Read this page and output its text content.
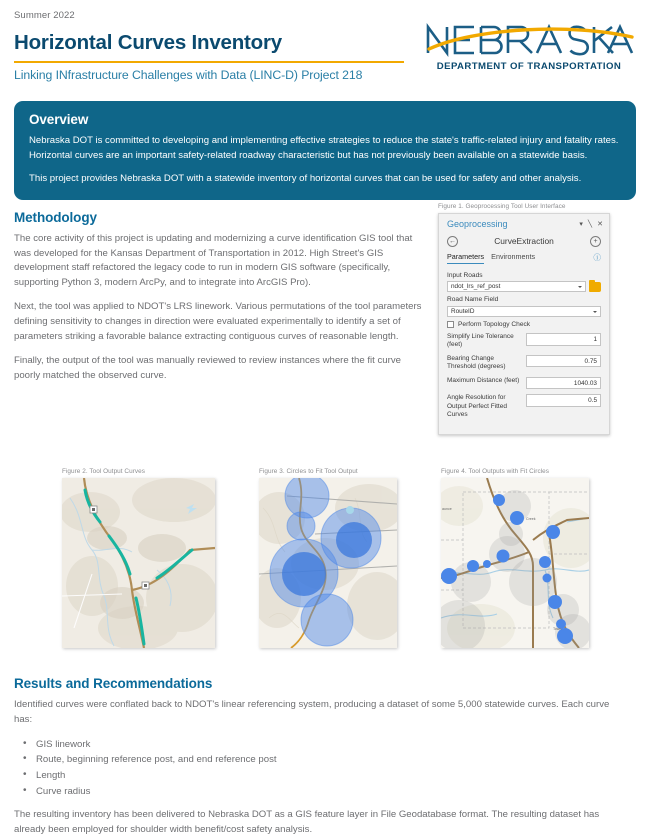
Summer 2022
Horizontal Curves Inventory
Linking INfrastructure Challenges with Data (LINC-D) Project 218
DEPARTMENT OF TRANSPORTATION
Overview

Nebraska DOT is committed to developing and implementing effective strategies to reduce the state's traffic-related injury and fatality rates. Horizontal curves are an important safety-related roadway characteristic but has not previously been available on a statewide basis.

This project provides Nebraska DOT with a statewide inventory of horizontal curves that can be used for safety and other analysis.

Methodology

The core activity of this project is updating and modernizing a curve identification GIS tool that was developed for the Kansas Department of Transportation in 2012. High Street's GIS development staff refactored the legacy code to run in modern GIS software (specifically, supporting Python 3, modern ArcPy, and to integrate into ArcGIS Pro).

Next, the tool was applied to NDOT's LRS linework. Various permutations of the tool parameters defining sensitivity to changes in direction were evaluated experimentally to identify a set of parameters striking a favorable balance extracting contiguous curves of reasonable length.

Finally, the output of the tool was manually reviewed to review instances where the fit curve poorly matched the observed curve.

Figure 1. Geoprocessing Tool User Interface
Geoprocessing	▾ ╲ ✕
←	CurveExtraction	+
Parameters Environments	ⓘ
Input Roads
ndot_lrs_ref_post
Road Name Field
RouteID
Perform Topology Check
Simplify Line Tolerance (feet)
1
Bearing Change Threshold (degrees)
0.75
Maximum Distance (feet)	1040.03
Angle Resolution for Output Perfect Fitted Curves
0.5
Figure 2. Tool Output Curves	Figure 3. Circles to Fit Tool Output	Figure 4. Tool Outputs with Fit Circles
Creek
aunce
Town
Results and Recommendations

Identified curves were conflated back to NDOT's linear referencing system, producing a dataset of some 5,000 statewide curves. Each curve has:

• GIS linework
• Route, beginning reference post, and end reference post
• Length
• Curve radius

The resulting inventory has been delivered to Nebraska DOT as a GIS feature layer in File Geodatabase format. The resulting dataset has already been employed for shoulder width benefit/cost safety analysis.
